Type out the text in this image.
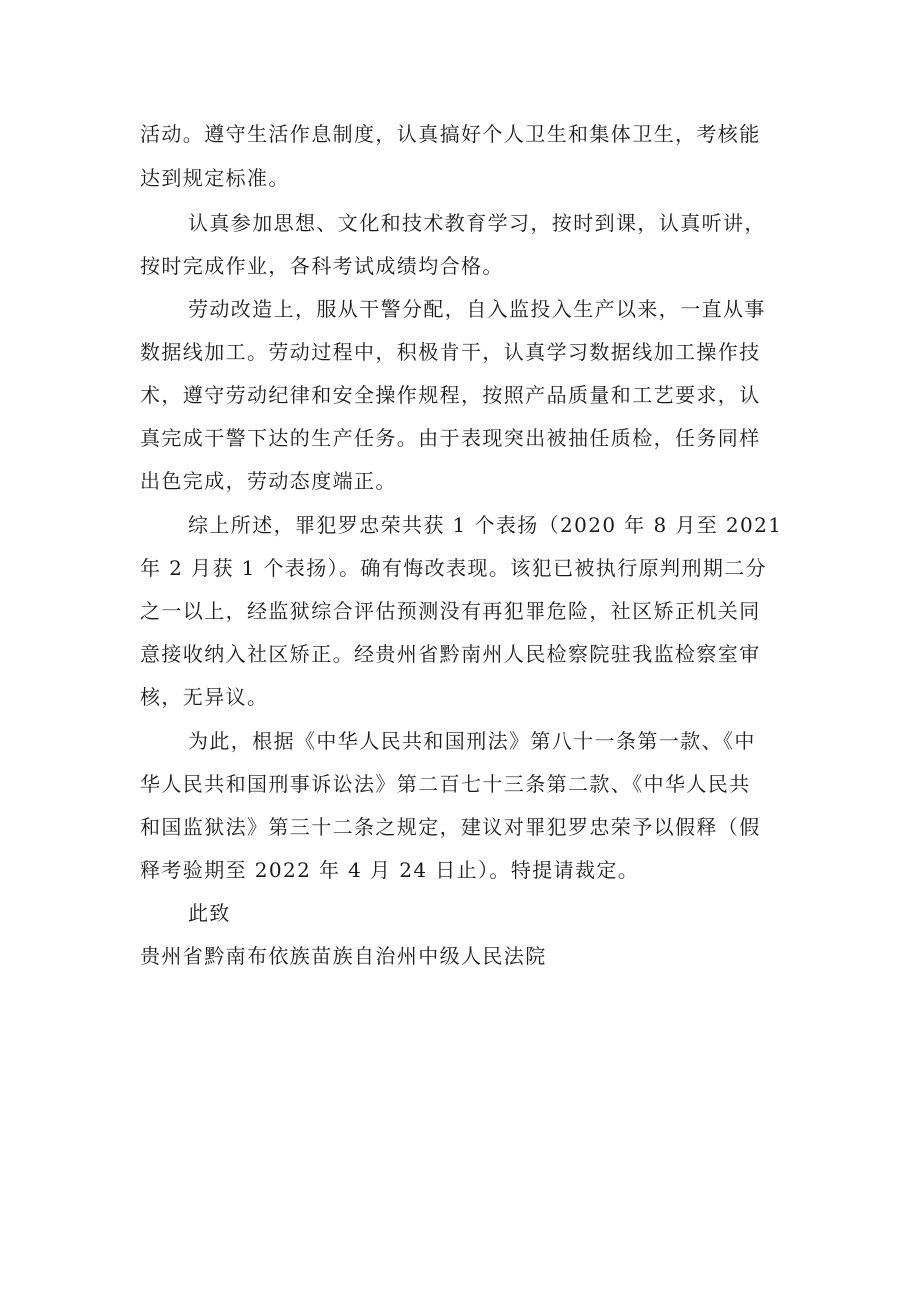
活动。遵守生活作息制度，认真搞好个人卫生和集体卫生，考核能
达到规定标准。
认真参加思想、文化和技术教育学习，按时到课，认真听讲，
按时完成作业，各科考试成绩均合格。
劳动改造上，服从干警分配，自入监投入生产以来，一直从事
数据线加工。劳动过程中，积极肯干，认真学习数据线加工操作技
术，遵守劳动纪律和安全操作规程，按照产品质量和工艺要求，认
真完成干警下达的生产任务。由于表现突出被抽任质检，任务同样
出色完成，劳动态度端正。
综上所述，罪犯罗忠荣共获 1 个表扬（2020 年 8 月至 2021
年 2 月获 1 个表扬）。确有悔改表现。该犯已被执行原判刑期二分
之一以上，经监狱综合评估预测没有再犯罪危险，社区矫正机关同
意接收纳入社区矫正。经贵州省黔南州人民检察院驻我监检察室审
核，无异议。
为此，根据《中华人民共和国刑法》第八十一条第一款、《中
华人民共和国刑事诉讼法》第二百七十三条第二款、《中华人民共
和国监狱法》第三十二条之规定，建议对罪犯罗忠荣予以假释（假
释考验期至 2022 年 4 月 24 日止）。特提请裁定。
此致
贵州省黔南布依族苗族自治州中级人民法院
